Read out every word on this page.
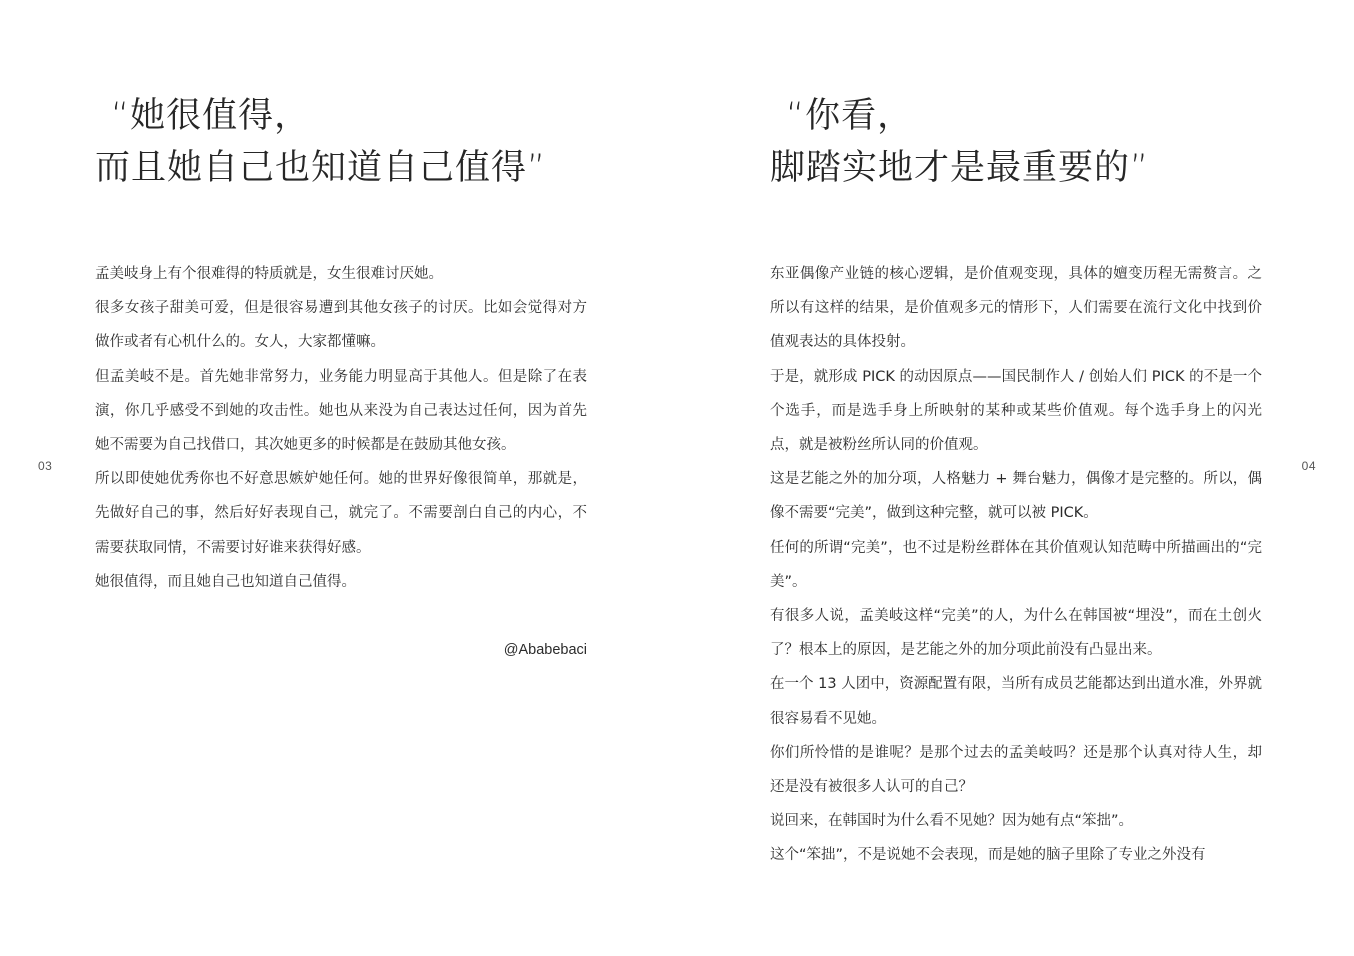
03
“她很值得，
而且她自己也知道自己值得”

孟美岐身上有个很难得的特质就是，女生很难讨厌她。

很多女孩子甜美可爱，但是很容易遭到其他女孩子的讨厌。比如会觉得对方做作或者有心机什么的。女人，大家都懂嘛。

但孟美岐不是。首先她非常努力，业务能力明显高于其他人。但是除了在表演，你几乎感受不到她的攻击性。她也从来没为自己表达过任何，因为首先她不需要为自己找借口，其次她更多的时候都是在鼓励其他女孩。

所以即使她优秀你也不好意思嫉妒她任何。她的世界好像很简单，那就是，先做好自己的事，然后好好表现自己，就完了。不需要剖白自己的内心，不需要获取同情，不需要讨好谁来获得好感。

她很值得，而且她自己也知道自己值得。

@Ababebaci

04
“你看，
脚踏实地才是最重要的”

东亚偶像产业链的核心逻辑，是价值观变现，具体的嬗变历程无需赘言。之所以有这样的结果，是价值观多元的情形下，人们需要在流行文化中找到价值观表达的具体投射。

于是，就形成 PICK 的动因原点——国民制作人 / 创始人们 PICK 的不是一个个选手，而是选手身上所映射的某种或某些价值观。每个选手身上的闪光点，就是被粉丝所认同的价值观。

这是艺能之外的加分项，人格魅力 + 舞台魅力，偶像才是完整的。所以，偶像不需要“完美”，做到这种完整，就可以被 PICK。

任何的所谓“完美”，也不过是粉丝群体在其价值观认知范畴中所描画出的“完美”。

有很多人说，孟美岐这样“完美”的人，为什么在韩国被“埋没”，而在土创火了？根本上的原因，是艺能之外的加分项此前没有凸显出来。

在一个 13 人团中，资源配置有限，当所有成员艺能都达到出道水准，外界就很容易看不见她。

你们所怜惜的是谁呢？是那个过去的孟美岐吗？还是那个认真对待人生，却还是没有被很多人认可的自己？

说回来，在韩国时为什么看不见她？因为她有点“笨拙”。

这个“笨拙”，不是说她不会表现，而是她的脑子里除了专业之外没有
